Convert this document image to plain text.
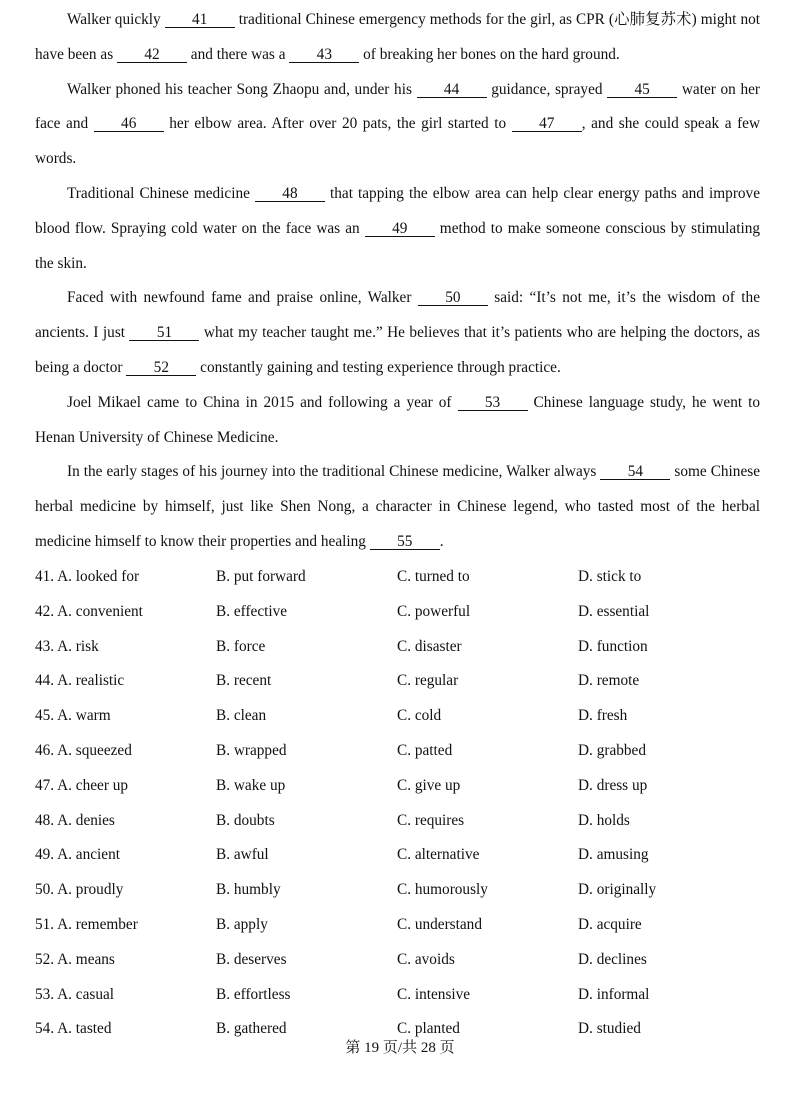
Walker quickly 41 traditional Chinese emergency methods for the girl, as CPR (心肺复苏术) might not have been as 42 and there was a 43 of breaking her bones on the hard ground.

Walker phoned his teacher Song Zhaopu and, under his 44 guidance, sprayed 45 water on her face and 46 her elbow area. After over 20 pats, the girl started to 47 , and she could speak a few words.

Traditional Chinese medicine 48 that tapping the elbow area can help clear energy paths and improve blood flow. Spraying cold water on the face was an 49 method to make someone conscious by stimulating the skin.

Faced with newfound fame and praise online, Walker 50 said: “It’s not me, it’s the wisdom of the ancients. I just 51 what my teacher taught me.” He believes that it’s patients who are helping the doctors, as being a doctor 52 constantly gaining and testing experience through practice.

Joel Mikael came to China in 2015 and following a year of 53 Chinese language study, he went to Henan University of Chinese Medicine.

In the early stages of his journey into the traditional Chinese medicine, Walker always 54 some Chinese herbal medicine by himself, just like Shen Nong, a character in Chinese legend, who tasted most of the herbal medicine himself to know their properties and healing 55 .

41. A. looked for	B. put forward	C. turned to	D. stick to
42. A. convenient	B. effective	C. powerful	D. essential
43. A. risk	B. force	C. disaster	D. function
44. A. realistic	B. recent	C. regular	D. remote
45. A. warm	B. clean	C. cold	D. fresh
46. A. squeezed	B. wrapped	C. patted	D. grabbed
47. A. cheer up	B. wake up	C. give up	D. dress up
48. A. denies	B. doubts	C. requires	D. holds
49. A. ancient	B. awful	C. alternative	D. amusing
50. A. proudly	B. humbly	C. humorously	D. originally
51. A. remember	B. apply	C. understand	D. acquire
52. A. means	B. deserves	C. avoids	D. declines
53. A. casual	B. effortless	C. intensive	D. informal
54. A. tasted	B. gathered	C. planted	D. studied
第 19 页/共 28 页
